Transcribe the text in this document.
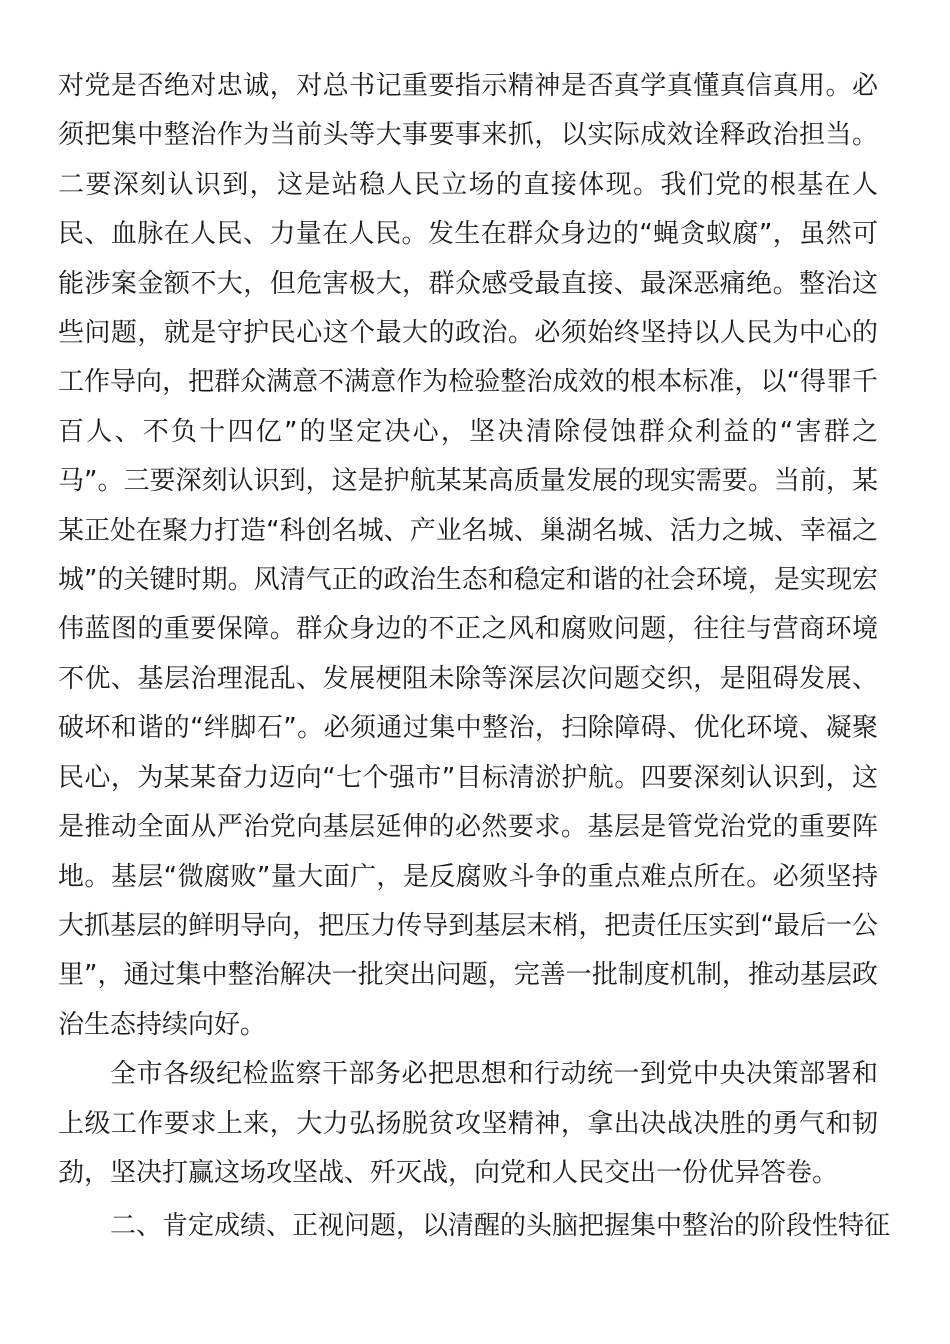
对党是否绝对忠诚，对总书记重要指示精神是否真学真懂真信真用。必须把集中整治作为当前头等大事要事来抓，以实际成效诠释政治担当。二要深刻认识到，这是站稳人民立场的直接体现。我们党的根基在人民、血脉在人民、力量在人民。发生在群众身边的“蝇贪蚁腐”，虽然可能涉案金额不大，但危害极大，群众感受最直接、最深恶痛绝。整治这些问题，就是守护民心这个最大的政治。必须始终坚持以人民为中心的工作导向，把群众满意不满意作为检验整治成效的根本标准，以“得罪千百人、不负十四亿”的坚定决心，坚决清除侵蚀群众利益的“害群之马”。三要深刻认识到，这是护航某某高质量发展的现实需要。当前，某某正处在聚力打造“科创名城、产业名城、巢湖名城、活力之城、幸福之城”的关键时期。风清气正的政治生态和稳定和谐的社会环境，是实现宏伟蓝图的重要保障。群众身边的不正之风和腐败问题，往往与营商环境不优、基层治理混乱、发展梗阻未除等深层次问题交织，是阻碍发展、破坏和谐的“绊脚石”。必须通过集中整治，扫除障碍、优化环境、凝聚民心，为某某奋力迈向“七个强市”目标清淤护航。四要深刻认识到，这是推动全面从严治党向基层延伸的必然要求。基层是管党治党的重要阵地。基层“微腐败”量大面广，是反腐败斗争的重点难点所在。必须坚持大抓基层的鲜明导向，把压力传导到基层末梢，把责任压实到“最后一公里”，通过集中整治解决一批突出问题，完善一批制度机制，推动基层政治生态持续向好。

全市各级纪检监察干部务必把思想和行动统一到党中央决策部署和上级工作要求上来，大力弘扬脱贫攻坚精神，拿出决战决胜的勇气和韧劲，坚决打赢这场攻坚战、歼灭战，向党和人民交出一份优异答卷。

二、肯定成绩、正视问题，以清醒的头脑把握集中整治的阶段性特征
